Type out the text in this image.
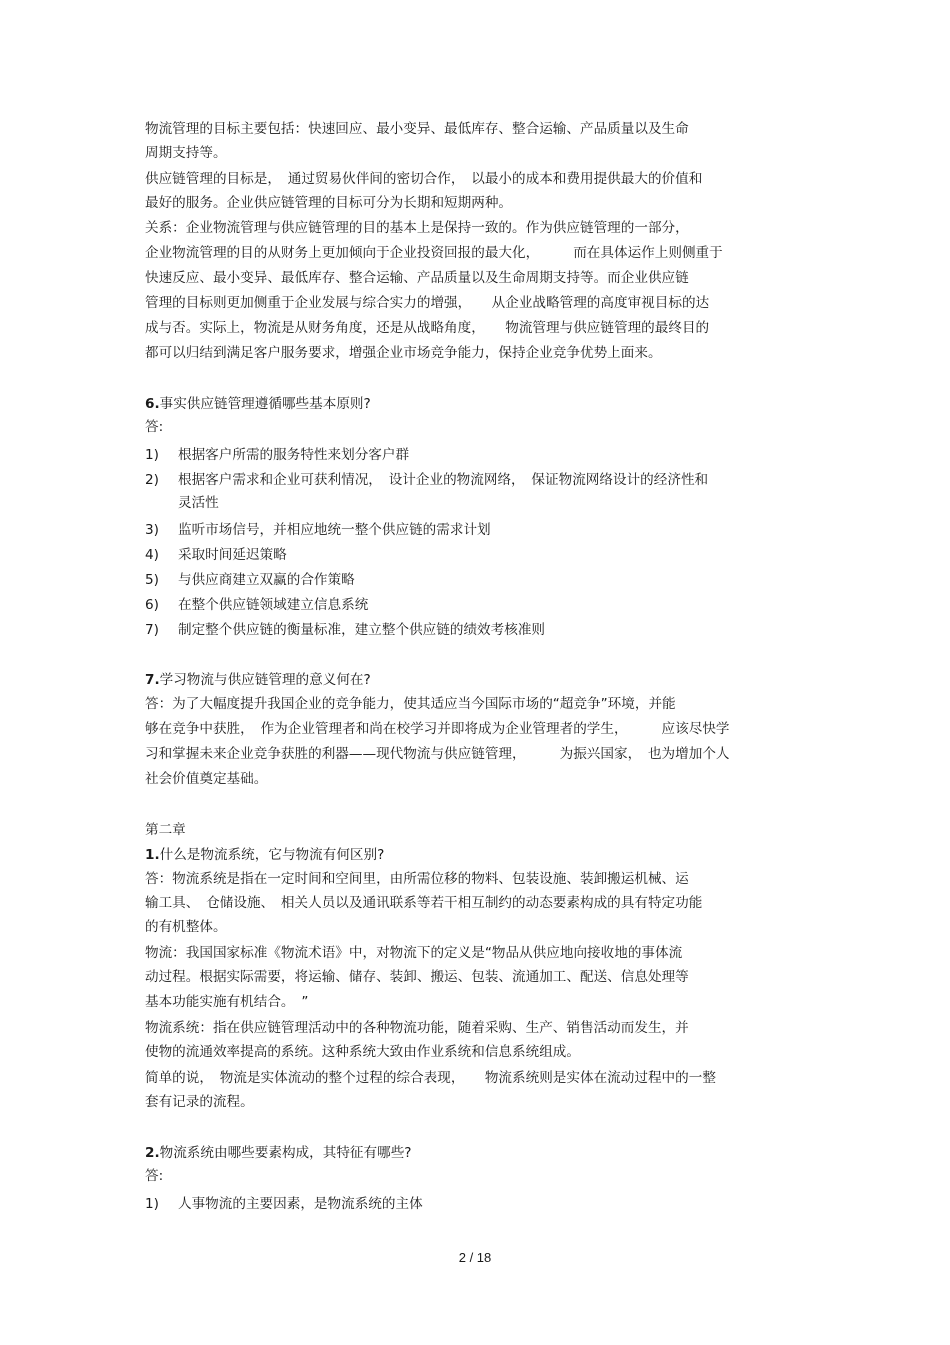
物流管理的目标主要包括：快速回应、最小变异、最低库存、整合运输、产品质量以及生命
周期支持等。
供应链管理的目标是，　通过贸易伙伴间的密切合作，　以最小的成本和费用提供最大的价值和
最好的服务。企业供应链管理的目标可分为长期和短期两种。
关系：企业物流管理与供应链管理的目的基本上是保持一致的。作为供应链管理的一部分，
企业物流管理的目的从财务上更加倾向于企业投资回报的最大化，　　　而在具体运作上则侧重于
快速反应、最小变异、最低库存、整合运输、产品质量以及生命周期支持等。而企业供应链
管理的目标则更加侧重于企业发展与综合实力的增强，　　从企业战略管理的高度审视目标的达
成与否。实际上，物流是从财务角度，还是从战略角度，　　物流管理与供应链管理的最终目的
都可以归结到满足客户服务要求，增强企业市场竞争能力，保持企业竞争优势上面来。
6.事实供应链管理遵循哪些基本原则?
答:
1) 根据客户所需的服务特性来划分客户群
2) 根据客户需求和企业可获利情况，　设计企业的物流网络，　保证物流网络设计的经济性和
灵活性
3) 监听市场信号，并相应地统一整个供应链的需求计划
4) 采取时间延迟策略
5) 与供应商建立双赢的合作策略
6) 在整个供应链领域建立信息系统
7) 制定整个供应链的衡量标准，建立整个供应链的绩效考核准则
7.学习物流与供应链管理的意义何在?
答：为了大幅度提升我国企业的竞争能力，使其适应当今国际市场的“超竞争”环境，并能
够在竞争中获胜，　作为企业管理者和尚在校学习并即将成为企业管理者的学生，　　　应该尽快学
习和掌握未来企业竞争获胜的利器——现代物流与供应链管理，　　　为振兴国家，　也为增加个人
社会价值奠定基础。
第二章
1.什么是物流系统，它与物流有何区别?
答：物流系统是指在一定时间和空间里，由所需位移的物料、包装设施、装卸搬运机械、运
输工具、　仓储设施、　相关人员以及通讯联系等若干相互制约的动态要素构成的具有特定功能
的有机整体。
物流：我国国家标准《物流术语》中，对物流下的定义是“物品从供应地向接收地的事体流
动过程。根据实际需要，将运输、储存、装卸、搬运、包装、流通加工、配送、信息处理等
基本功能实施有机结合。　”
物流系统：指在供应链管理活动中的各种物流功能，随着采购、生产、销售活动而发生，并
使物的流通效率提高的系统。这种系统大致由作业系统和信息系统组成。
简单的说，　物流是实体流动的整个过程的综合表现，　　物流系统则是实体在流动过程中的一整
套有记录的流程。
2.物流系统由哪些要素构成，其特征有哪些?
答:
1) 人事物流的主要因素，是物流系统的主体
2 / 18
